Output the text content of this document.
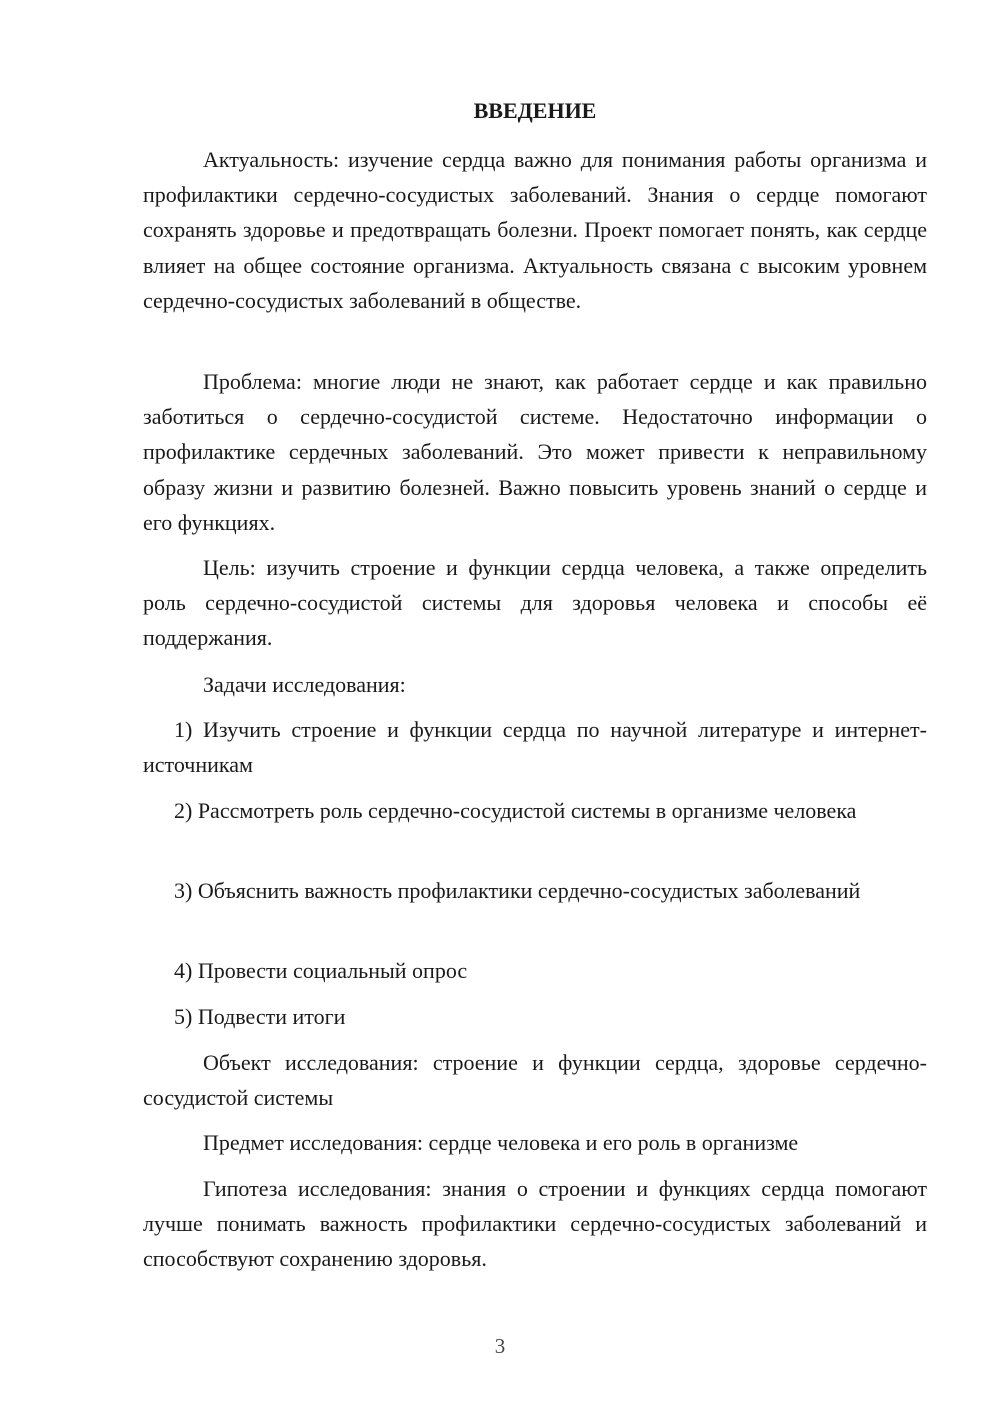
ВВЕДЕНИЕ

Актуальность: изучение сердца важно для понимания работы организма и профилактики сердечно-сосудистых заболеваний. Знания о сердце помогают сохранять здоровье и предотвращать болезни. Проект помогает понять, как сердце влияет на общее состояние организма. Актуальность связана с высоким уровнем сердечно-сосудистых заболеваний в обществе.

Проблема: многие люди не знают, как работает сердце и как правильно заботиться о сердечно-сосудистой системе. Недостаточно информации о профилактике сердечных заболеваний. Это может привести к неправильному образу жизни и развитию болезней. Важно повысить уровень знаний о сердце и его функциях.

Цель: изучить строение и функции сердца человека, а также определить роль сердечно-сосудистой системы для здоровья человека и способы её поддержания.

Задачи исследования:

1) Изучить строение и функции сердца по научной литературе и интернет-источникам

2) Рассмотреть роль сердечно-сосудистой системы в организме человека

3) Объяснить важность профилактики сердечно-сосудистых заболеваний

4) Провести социальный опрос

5) Подвести итоги

Объект исследования: строение и функции сердца, здоровье сердечно-сосудистой системы

Предмет исследования: сердце человека и его роль в организме

Гипотеза исследования: знания о строении и функциях сердца помогают лучше понимать важность профилактики сердечно-сосудистых заболеваний и способствуют сохранению здоровья.

3
